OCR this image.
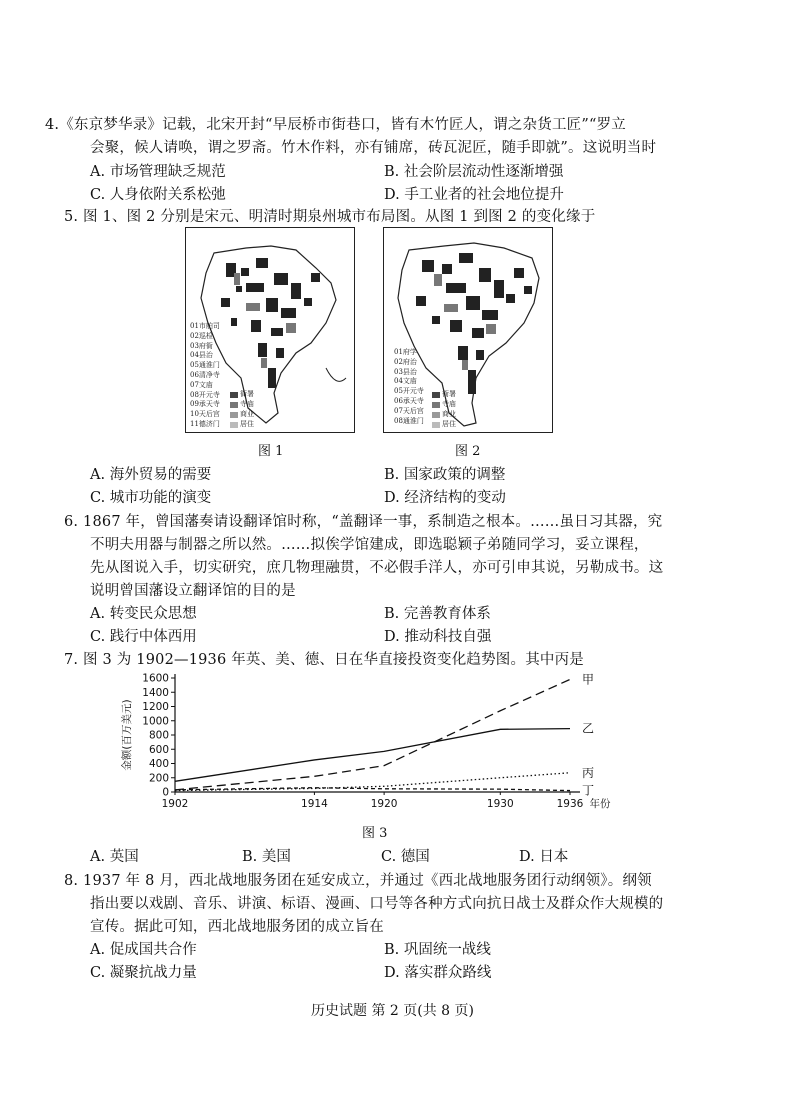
4.《东京梦华录》记载，北宋开封“早辰桥市街巷口，皆有木竹匠人，谓之杂货工匠”“罗立
会聚，候人请唤，谓之罗斋。竹木作料，亦有铺席，砖瓦泥匠，随手即就”。这说明当时
A. 市场管理缺乏规范	B. 社会阶层流动性逐渐增强
C. 人身依附关系松弛	D. 手工业者的社会地位提升
5. 图 1、图 2 分别是宋元、明清时期泉州城市布局图。从图 1 到图 2 的变化缘于
01市舶司
02巡检
03府衙
04县治
05通淮门
06清净寺
07文庙
08开元寺
09承天寺
10天后宫
11德济门
衙署
寺庙
商业
居住
图 1
01府学
02府治
03县治
04文庙
05开元寺
06承天寺
07天后宫
08通淮门
衙署
寺庙
商业
居住
图 2
A. 海外贸易的需要	B. 国家政策的调整
C. 城市功能的演变	D. 经济结构的变动
6. 1867 年，曾国藩奏请设翻译馆时称，“盖翻译一事，系制造之根本。……虽日习其器，究
不明夫用器与制器之所以然。……拟俟学馆建成，即选聪颖子弟随同学习，妥立课程，
先从图说入手，切实研究，庶几物理融贯，不必假手洋人，亦可引申其说，另勒成书。这
说明曾国藩设立翻译馆的目的是
A. 转变民众思想	B. 完善教育体系
C. 践行中体西用	D. 推动科技自强
7. 图 3 为 1902—1936 年英、美、德、日在华直接投资变化趋势图。其中丙是
0
200
400
600
800
1000
1200
1400
1600
1902	1914	1920	1930	1936 年份
金额(百万美元)
甲
乙
丙
丁
图 3
A. 英国	B. 美国	C. 德国	D. 日本
8. 1937 年 8 月，西北战地服务团在延安成立，并通过《西北战地服务团行动纲领》。纲领
指出要以戏剧、音乐、讲演、标语、漫画、口号等各种方式向抗日战士及群众作大规模的
宣传。据此可知，西北战地服务团的成立旨在
A. 促成国共合作	B. 巩固统一战线
C. 凝聚抗战力量	D. 落实群众路线
历史试题 第 2 页(共 8 页)
